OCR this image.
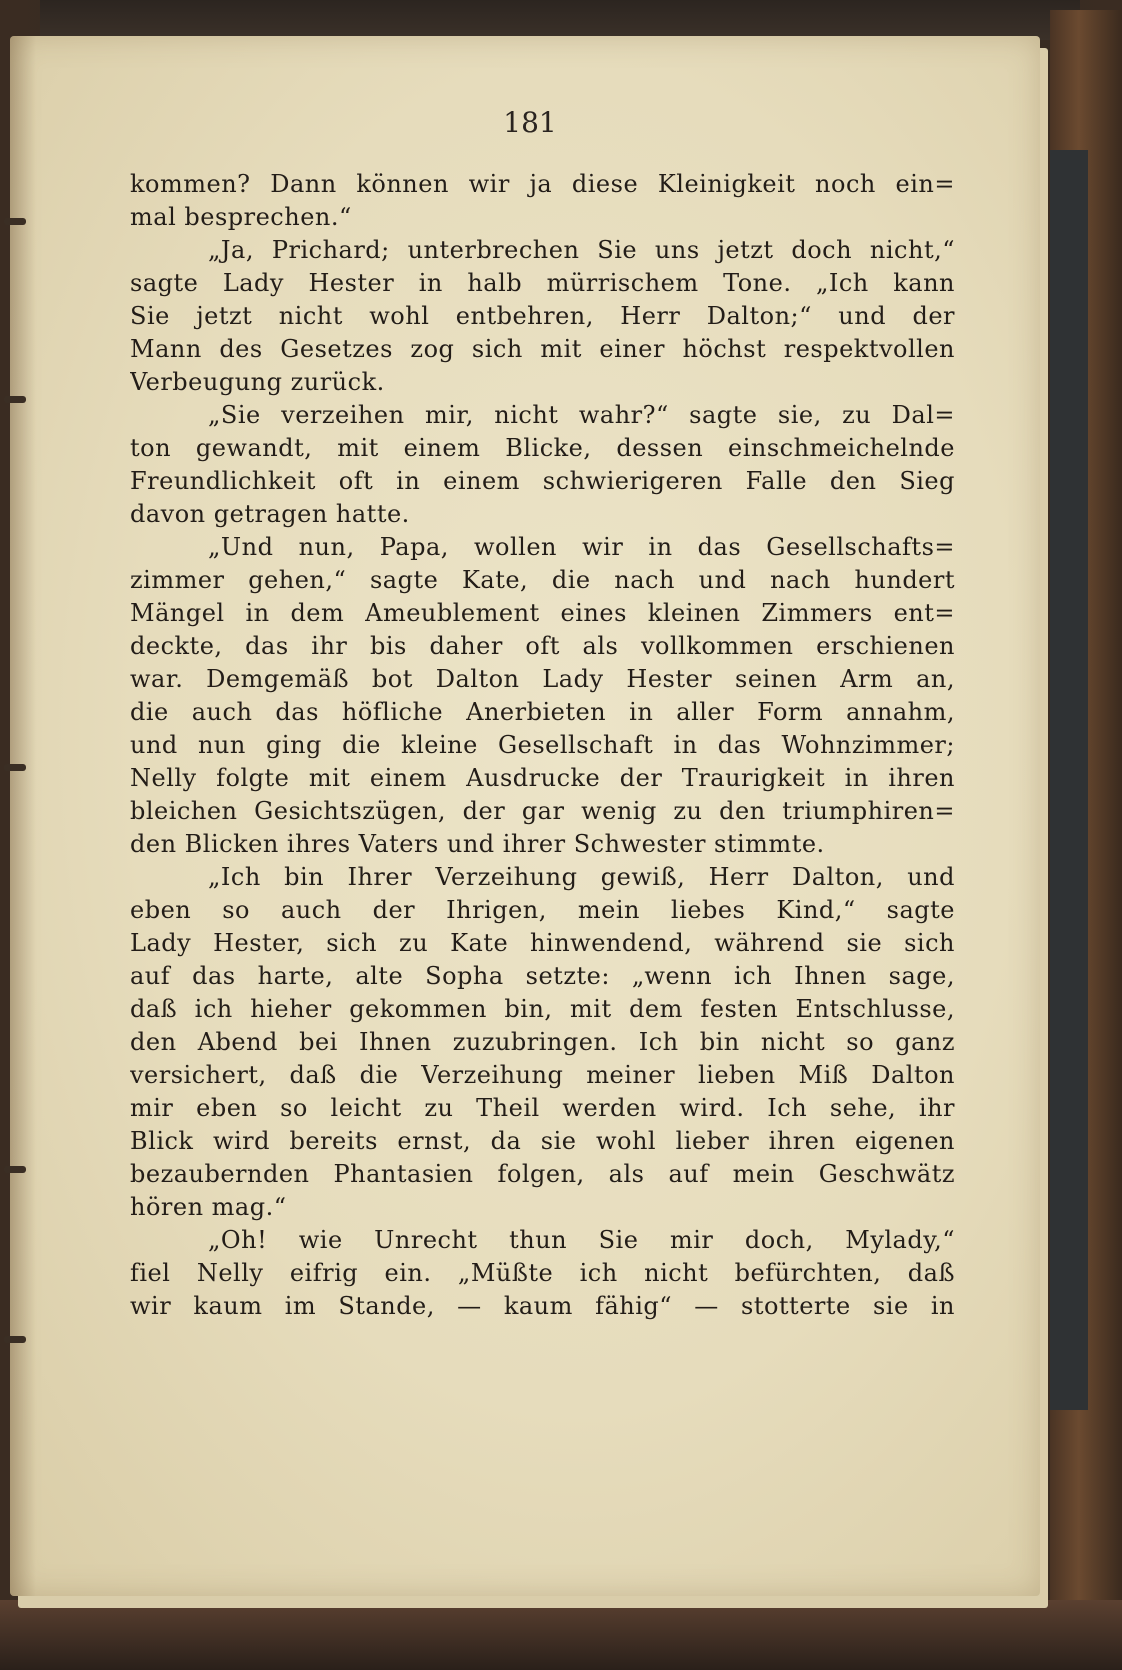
181
kommen? Dann können wir ja diese Kleinigkeit noch ein=
mal besprechen.“
„Ja, Prichard; unterbrechen Sie uns jetzt doch nicht,“
sagte Lady Hester in halb mürrischem Tone. „Ich kann
Sie jetzt nicht wohl entbehren, Herr Dalton;“ und der
Mann des Gesetzes zog sich mit einer höchst respektvollen
Verbeugung zurück.
„Sie verzeihen mir, nicht wahr?“ sagte sie, zu Dal=
ton gewandt, mit einem Blicke, dessen einschmeichelnde
Freundlichkeit oft in einem schwierigeren Falle den Sieg
davon getragen hatte.
„Und nun, Papa, wollen wir in das Gesellschafts=
zimmer gehen,“ sagte Kate, die nach und nach hundert
Mängel in dem Ameublement eines kleinen Zimmers ent=
deckte, das ihr bis daher oft als vollkommen erschienen
war. Demgemäß bot Dalton Lady Hester seinen Arm an,
die auch das höfliche Anerbieten in aller Form annahm,
und nun ging die kleine Gesellschaft in das Wohnzimmer;
Nelly folgte mit einem Ausdrucke der Traurigkeit in ihren
bleichen Gesichtszügen, der gar wenig zu den triumphiren=
den Blicken ihres Vaters und ihrer Schwester stimmte.
„Ich bin Ihrer Verzeihung gewiß, Herr Dalton, und
eben so auch der Ihrigen, mein liebes Kind,“ sagte
Lady Hester, sich zu Kate hinwendend, während sie sich
auf das harte, alte Sopha setzte: „wenn ich Ihnen sage,
daß ich hieher gekommen bin, mit dem festen Entschlusse,
den Abend bei Ihnen zuzubringen. Ich bin nicht so ganz
versichert, daß die Verzeihung meiner lieben Miß Dalton
mir eben so leicht zu Theil werden wird. Ich sehe, ihr
Blick wird bereits ernst, da sie wohl lieber ihren eigenen
bezaubernden Phantasien folgen, als auf mein Geschwätz
hören mag.“
„Oh! wie Unrecht thun Sie mir doch, Mylady,“
fiel Nelly eifrig ein. „Müßte ich nicht befürchten, daß
wir kaum im Stande, — kaum fähig“ — stotterte sie in
